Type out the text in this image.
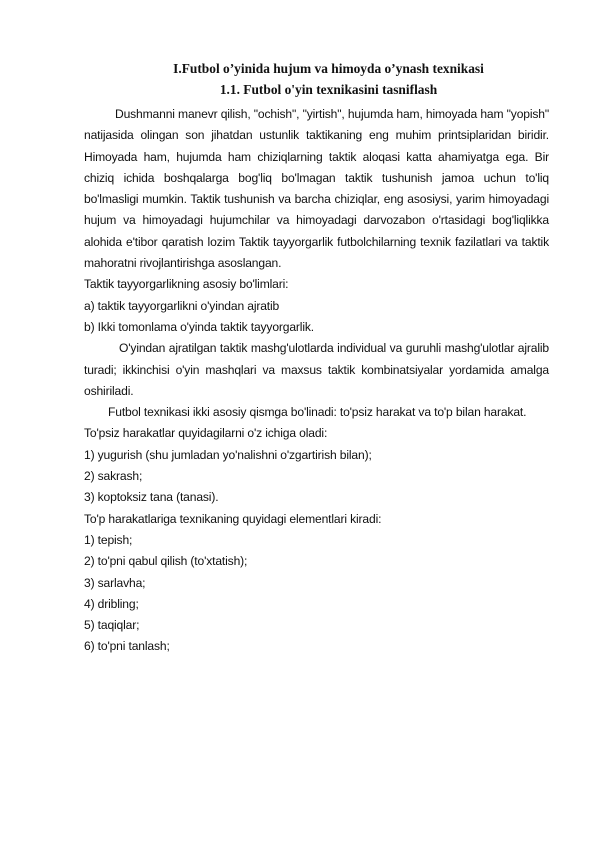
I.Futbol o’yinida hujum va himoyda o’ynash texnikasi
1.1. Futbol o'yin texnikasini tasniflash

Dushmanni manevr qilish, "ochish", "yirtish", hujumda ham, himoyada ham "yopish" natijasida olingan son jihatdan ustunlik taktikaning eng muhim printsiplaridan biridir. Himoyada ham, hujumda ham chiziqlarning taktik aloqasi katta ahamiyatga ega. Bir chiziq ichida boshqalarga bog'liq bo'lmagan taktik tushunish jamoa uchun to'liq bo'lmasligi mumkin. Taktik tushunish va barcha chiziqlar, eng asosiysi, yarim himoyadagi hujum va himoyadagi hujumchilar va himoyadagi darvozabon o'rtasidagi bog'liqlikka alohida e'tibor qaratish lozim Taktik tayyorgarlik futbolchilarning texnik fazilatlari va taktik mahoratni rivojlantirishga asoslangan.

Taktik tayyorgarlikning asosiy bo'limlari:

a) taktik tayyorgarlikni o'yindan ajratib

b) Ikki tomonlama o'yinda taktik tayyorgarlik.

O'yindan ajratilgan taktik mashg'ulotlarda individual va guruhli mashg'ulotlar ajralib turadi; ikkinchisi o'yin mashqlari va maxsus taktik kombinatsiyalar yordamida amalga oshiriladi.

Futbol texnikasi ikki asosiy qismga bo'linadi: to'psiz harakat va to'p bilan harakat.

To'psiz harakatlar quyidagilarni o'z ichiga oladi:

1) yugurish (shu jumladan yo'nalishni o'zgartirish bilan);

2) sakrash;

3) koptoksiz tana (tanasi).

To'p harakatlariga texnikaning quyidagi elementlari kiradi:

1) tepish;

2) to'pni qabul qilish (to'xtatish);

3) sarlavha;

4) dribling;

5) taqiqlar;

6) to'pni tanlash;
